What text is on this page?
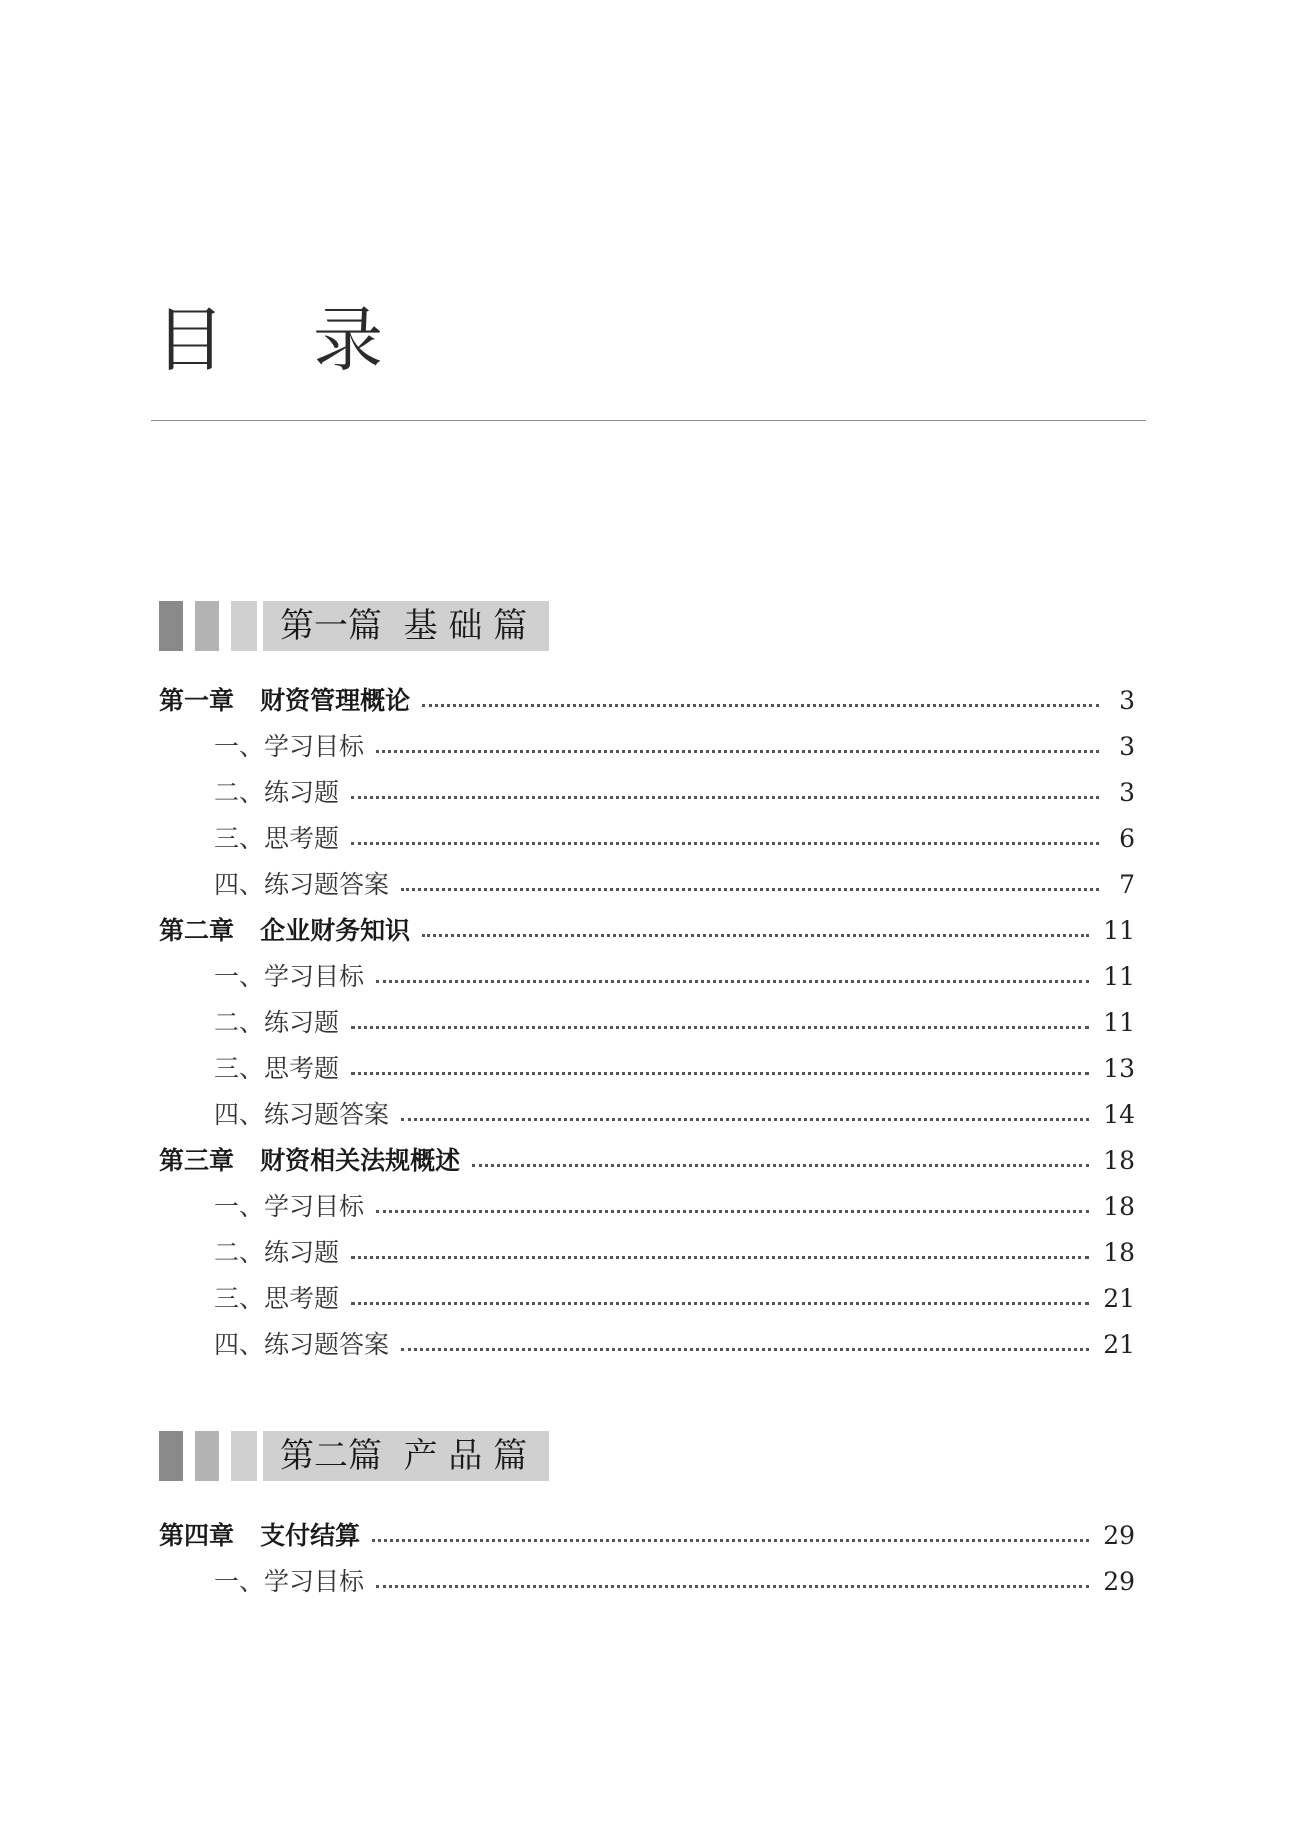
目 录
第一篇  基 础 篇
第一章   财资管理概论	3
一、学习目标	3
二、练习题	3
三、思考题	6
四、练习题答案	7
第二章   企业财务知识	11
一、学习目标	11
二、练习题	11
三、思考题	13
四、练习题答案	14
第三章   财资相关法规概述	18
一、学习目标	18
二、练习题	18
三、思考题	21
四、练习题答案	21
第二篇  产 品 篇
第四章   支付结算	29
一、学习目标	29
